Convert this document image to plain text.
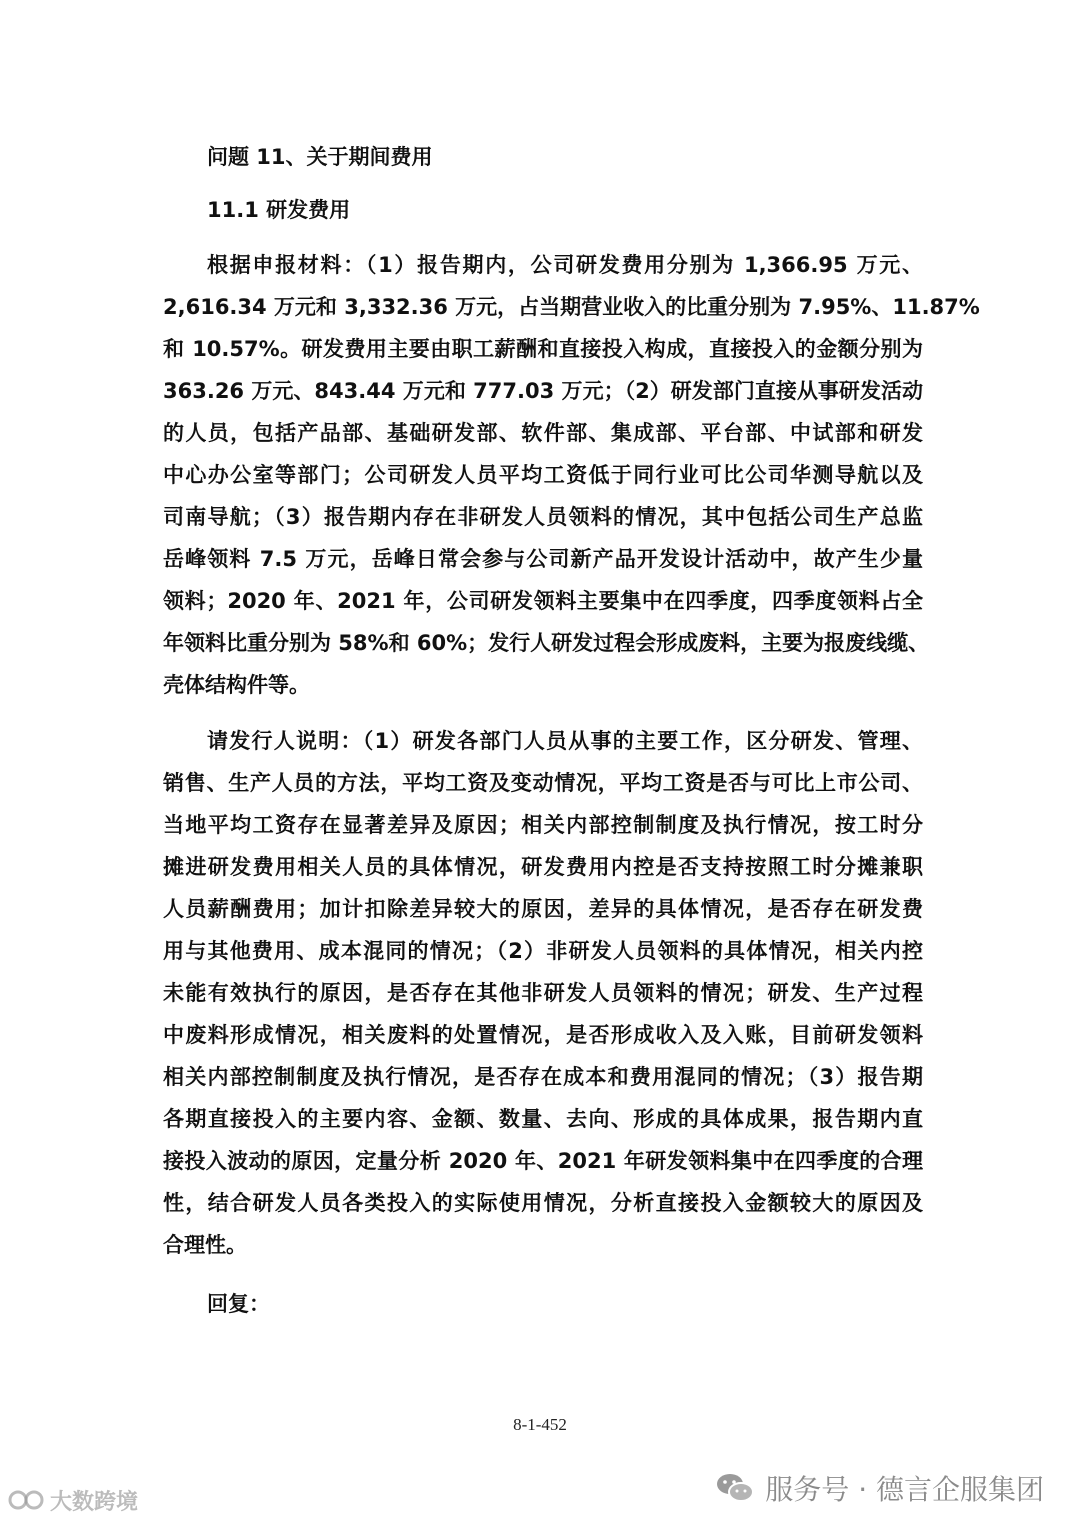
问题 11、关于期间费用
11.1 研发费用
根据申报材料：（1）报告期内，公司研发费用分别为 1,366.95 万元、
2,616.34 万元和 3,332.36 万元，占当期营业收入的比重分别为 7.95%、11.87%
和 10.57%。研发费用主要由职工薪酬和直接投入构成，直接投入的金额分别为
363.26 万元、843.44 万元和 777.03 万元；（2）研发部门直接从事研发活动
的人员，包括产品部、基础研发部、软件部、集成部、平台部、中试部和研发
中心办公室等部门；公司研发人员平均工资低于同行业可比公司华测导航以及
司南导航；（3）报告期内存在非研发人员领料的情况，其中包括公司生产总监
岳峰领料 7.5 万元，岳峰日常会参与公司新产品开发设计活动中，故产生少量
领料；2020 年、2021 年，公司研发领料主要集中在四季度，四季度领料占全
年领料比重分别为 58%和 60%；发行人研发过程会形成废料，主要为报废线缆、
壳体结构件等。
请发行人说明：（1）研发各部门人员从事的主要工作，区分研发、管理、
销售、生产人员的方法，平均工资及变动情况，平均工资是否与可比上市公司、
当地平均工资存在显著差异及原因；相关内部控制制度及执行情况，按工时分
摊进研发费用相关人员的具体情况，研发费用内控是否支持按照工时分摊兼职
人员薪酬费用；加计扣除差异较大的原因，差异的具体情况，是否存在研发费
用与其他费用、成本混同的情况；（2）非研发人员领料的具体情况，相关内控
未能有效执行的原因，是否存在其他非研发人员领料的情况；研发、生产过程
中废料形成情况，相关废料的处置情况，是否形成收入及入账，目前研发领料
相关内部控制制度及执行情况，是否存在成本和费用混同的情况；（3）报告期
各期直接投入的主要内容、金额、数量、去向、形成的具体成果，报告期内直
接投入波动的原因，定量分析 2020 年、2021 年研发领料集中在四季度的合理
性，结合研发人员各类投入的实际使用情况，分析直接投入金额较大的原因及
合理性。
回复：
8-1-452
大数跨境	服务号 · 德言企服集团
